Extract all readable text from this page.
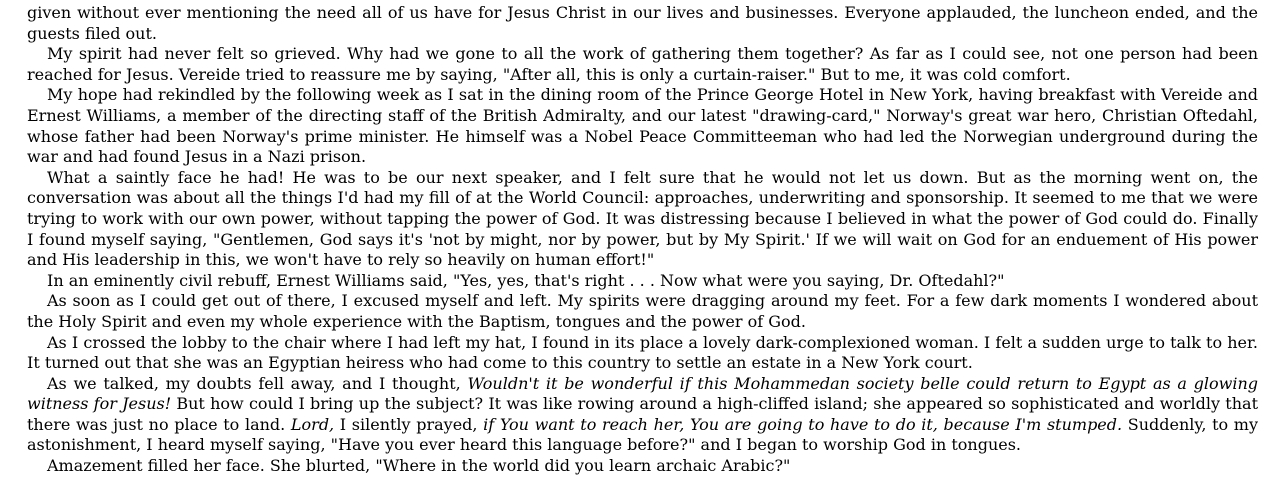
given without ever mentioning the need all of us have for Jesus Christ in our lives and businesses. Everyone applauded, the luncheon ended, and the guests filed out.

My spirit had never felt so grieved. Why had we gone to all the work of gathering them together? As far as I could see, not one person had been reached for Jesus. Vereide tried to reassure me by saying, "After all, this is only a curtain-raiser." But to me, it was cold comfort.

My hope had rekindled by the following week as I sat in the dining room of the Prince George Hotel in New York, having breakfast with Vereide and Ernest Williams, a member of the directing staff of the British Admiralty, and our latest "drawing-card," Norway's great war hero, Christian Oftedahl, whose father had been Norway's prime minister. He himself was a Nobel Peace Committeeman who had led the Norwegian underground during the war and had found Jesus in a Nazi prison.

What a saintly face he had! He was to be our next speaker, and I felt sure that he would not let us down. But as the morning went on, the conversation was about all the things I'd had my fill of at the World Council: approaches, underwriting and sponsorship. It seemed to me that we were trying to work with our own power, without tapping the power of God. It was distressing because I believed in what the power of God could do. Finally I found myself saying, "Gentlemen, God says it's 'not by might, nor by power, but by My Spirit.' If we will wait on God for an enduement of His power and His leadership in this, we won't have to rely so heavily on human effort!"

In an eminently civil rebuff, Ernest Williams said, "Yes, yes, that's right . . . Now what were you saying, Dr. Oftedahl?"

As soon as I could get out of there, I excused myself and left. My spirits were dragging around my feet. For a few dark moments I wondered about the Holy Spirit and even my whole experience with the Baptism, tongues and the power of God.

As I crossed the lobby to the chair where I had left my hat, I found in its place a lovely dark-complexioned woman. I felt a sudden urge to talk to her. It turned out that she was an Egyptian heiress who had come to this country to settle an estate in a New York court.

As we talked, my doubts fell away, and I thought, Wouldn't it be wonderful if this Mohammedan society belle could return to Egypt as a glowing witness for Jesus! But how could I bring up the subject? It was like rowing around a high-cliffed island; she appeared so sophisticated and worldly that there was just no place to land. Lord, I silently prayed, if You want to reach her, You are going to have to do it, because I'm stumped. Suddenly, to my astonishment, I heard myself saying, "Have you ever heard this language before?" and I began to worship God in tongues.

Amazement filled her face. She blurted, "Where in the world did you learn archaic Arabic?"
